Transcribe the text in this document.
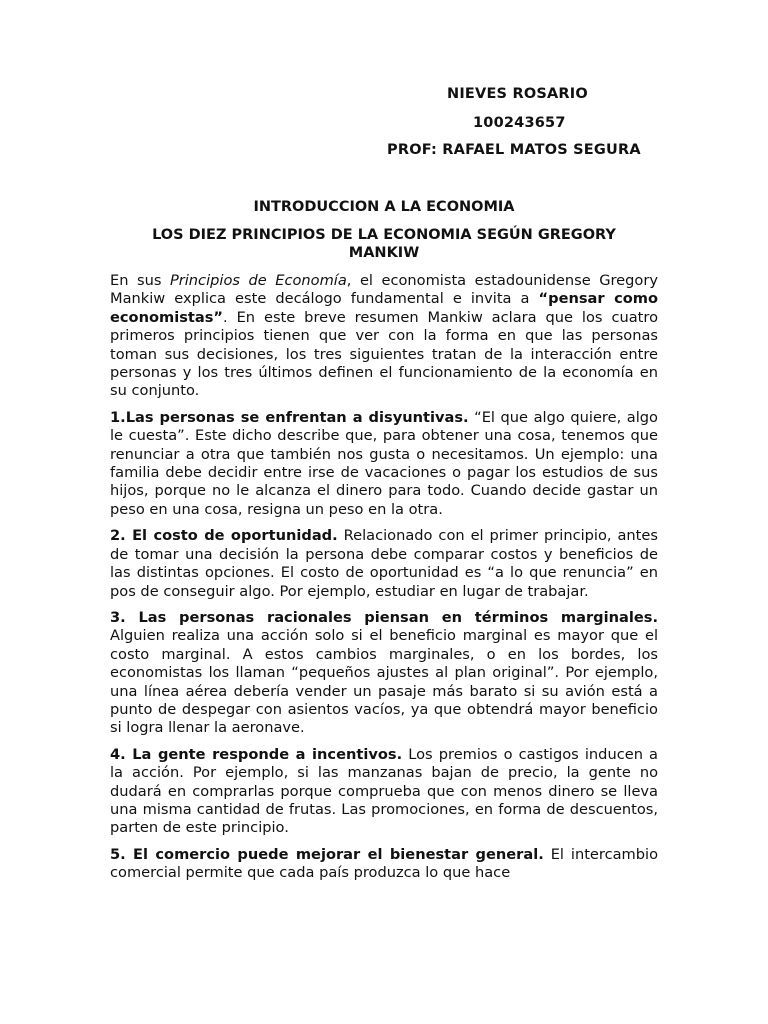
NIEVES ROSARIO
100243657
PROF: RAFAEL MATOS SEGURA
INTRODUCCION A LA ECONOMIA
LOS DIEZ PRINCIPIOS DE LA ECONOMIA SEGÚN GREGORY MANKIW

En sus Principios de Economía, el economista estadounidense Gregory Mankiw explica este decálogo fundamental e invita a “pensar como economistas”. En este breve resumen Mankiw aclara que los cuatro primeros principios tienen que ver con la forma en que las personas toman sus decisiones, los tres siguientes tratan de la interacción entre personas y los tres últimos definen el funcionamiento de la economía en su conjunto.

1.Las personas se enfrentan a disyuntivas. “El que algo quiere, algo le cuesta”. Este dicho describe que, para obtener una cosa, tenemos que renunciar a otra que también nos gusta o necesitamos. Un ejemplo: una familia debe decidir entre irse de vacaciones o pagar los estudios de sus hijos, porque no le alcanza el dinero para todo. Cuando decide gastar un peso en una cosa, resigna un peso en la otra.

2. El costo de oportunidad. Relacionado con el primer principio, antes de tomar una decisión la persona debe comparar costos y beneficios de las distintas opciones. El costo de oportunidad es “a lo que renuncia” en pos de conseguir algo. Por ejemplo, estudiar en lugar de trabajar.

3. Las personas racionales piensan en términos marginales. Alguien realiza una acción solo si el beneficio marginal es mayor que el costo marginal. A estos cambios marginales, o en los bordes, los economistas los llaman “pequeños ajustes al plan original”. Por ejemplo, una línea aérea debería vender un pasaje más barato si su avión está a punto de despegar con asientos vacíos, ya que obtendrá mayor beneficio si logra llenar la aeronave.

4. La gente responde a incentivos. Los premios o castigos inducen a la acción. Por ejemplo, si las manzanas bajan de precio, la gente no dudará en comprarlas porque comprueba que con menos dinero se lleva una misma cantidad de frutas. Las promociones, en forma de descuentos, parten de este principio.

5. El comercio puede mejorar el bienestar general. El intercambio comercial permite que cada país produzca lo que hace
